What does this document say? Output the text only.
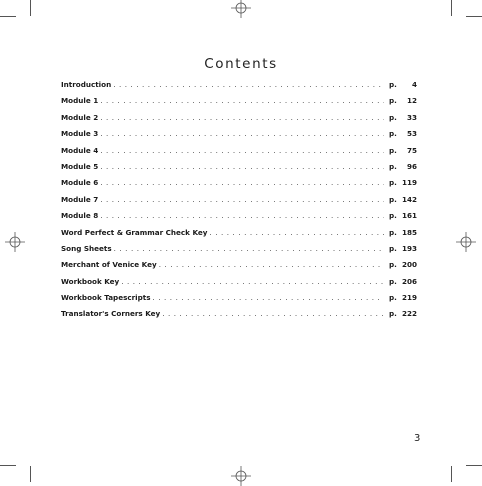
Contents
Introduction . . .	p.	4
Module 1 . . .	p.	12
Module 2 . . .	p.	33
Module 3 . . .	p.	53
Module 4 . . .	p.	75
Module 5 . . .	p.	96
Module 6 . . .	p. 119
Module 7 . . .	p. 142
Module 8 . . .	p. 161
Word Perfect & Grammar Check Key . . .	p. 185
Song Sheets . . .	p. 193
Merchant of Venice Key . . .	p. 200
Workbook Key . . .	p. 206
Workbook Tapescripts . . .	p. 219
Translator's Corners Key . . .	p. 222
3
